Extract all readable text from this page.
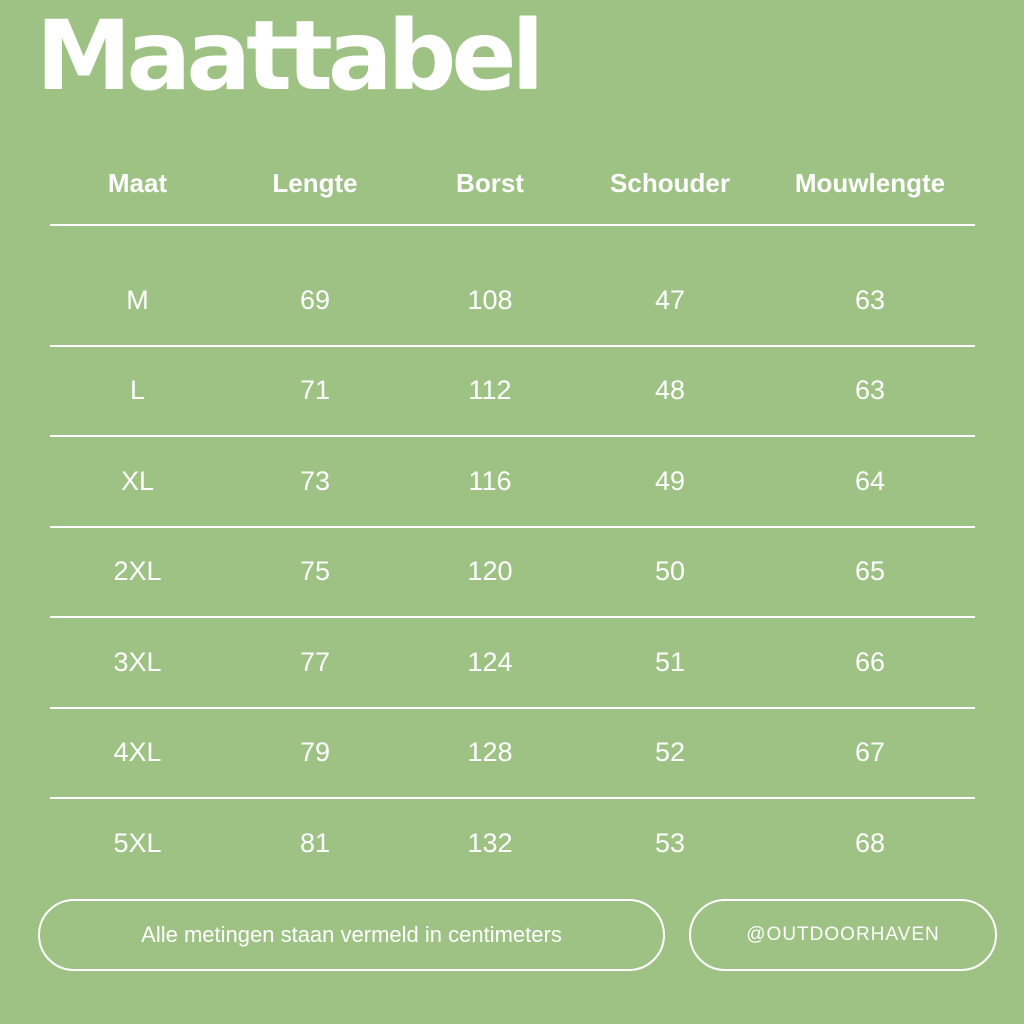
Maattabel
Maat	Lengte	Borst	Schouder	Mouwlengte
M	69	108	47	63
L	71	112	48	63
XL	73	116	49	64
2XL	75	120	50	65
3XL	77	124	51	66
4XL	79	128	52	67
5XL	81	132	53	68
Alle metingen staan vermeld in centimeters	@OUTDOORHAVEN
